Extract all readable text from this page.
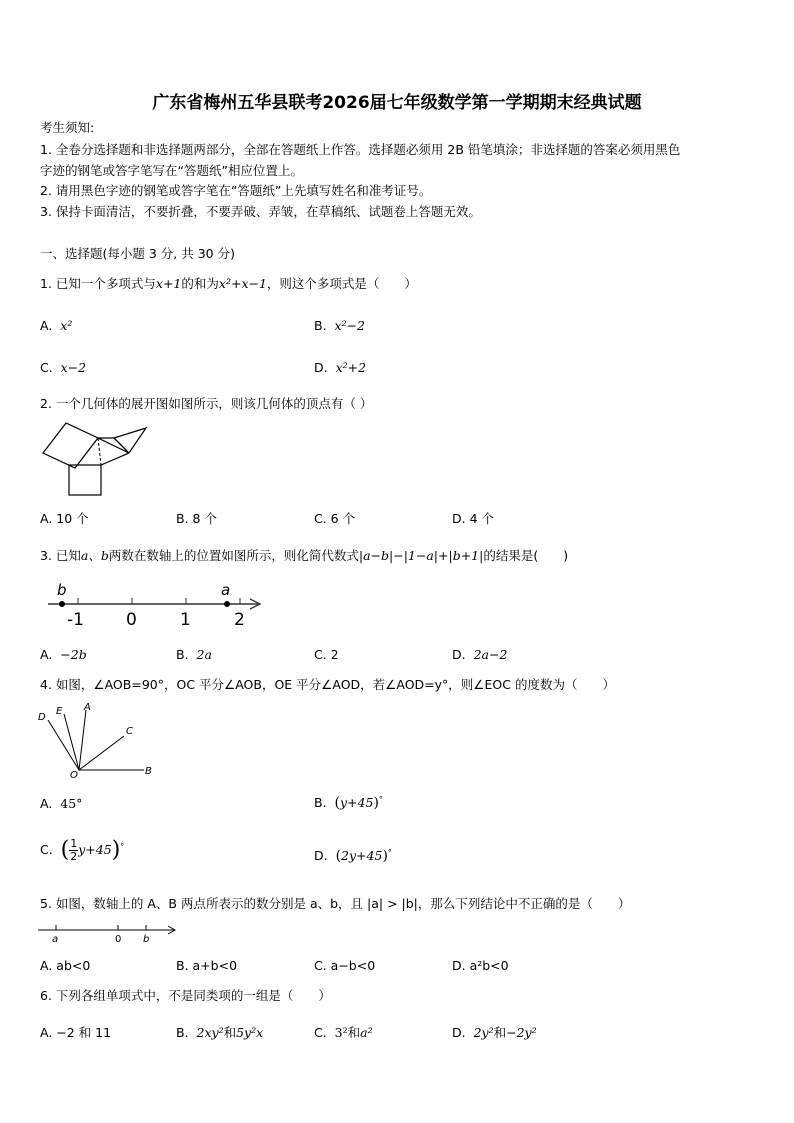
广东省梅州五华县联考2026届七年级数学第一学期期末经典试题
考生须知:
1. 全卷分选择题和非选择题两部分，全部在答题纸上作答。选择题必须用 2B 铅笔填涂；非选择题的答案必须用黑色
字迹的钢笔或答字笔写在“答题纸”相应位置上。
2. 请用黑色字迹的钢笔或答字笔在“答题纸”上先填写姓名和准考证号。
3. 保持卡面清洁，不要折叠，不要弄破、弄皱，在草稿纸、试题卷上答题无效。
一、选择题(每小题 3 分, 共 30 分)
1. 已知一个多项式与x+1的和为x²+x−1，则这个多项式是（　　）
A. x²	B. x²−2
C. x−2	D. x²+2
2. 一个几何体的展开图如图所示，则该几何体的顶点有（ ）
A. 10 个	B. 8 个	C. 6 个	D. 4 个
3. 已知a、b两数在数轴上的位置如图所示，则化简代数式|a−b|−|1−a|+|b+1|的结果是(　　)
b	a
-1 0	1	2
A. −2b	B. 2a	C. 2	D. 2a−2
4. 如图，∠AOB=90°，OC 平分∠AOB，OE 平分∠AOD，若∠AOD=y°，则∠EOC 的度数为（　　）
D
E A
C
O	B
A. 45°	B. (y+45)°
C. ( $\frac{1}{2} y+45)^\circ$
D. (2y+45)°
5. 如图，数轴上的 A、B 两点所表示的数分别是 a、b，且 |a| > |b|，那么下列结论中不正确的是（　　）
a	0 b
A. ab<0	B. a+b<0	C. a−b<0	D. a²b<0
6. 下列各组单项式中，不是同类项的一组是（　　）
A. −2 和 11	B. 2xy²和5y²x	C. 3²和a²	D. 2y²和−2y²
